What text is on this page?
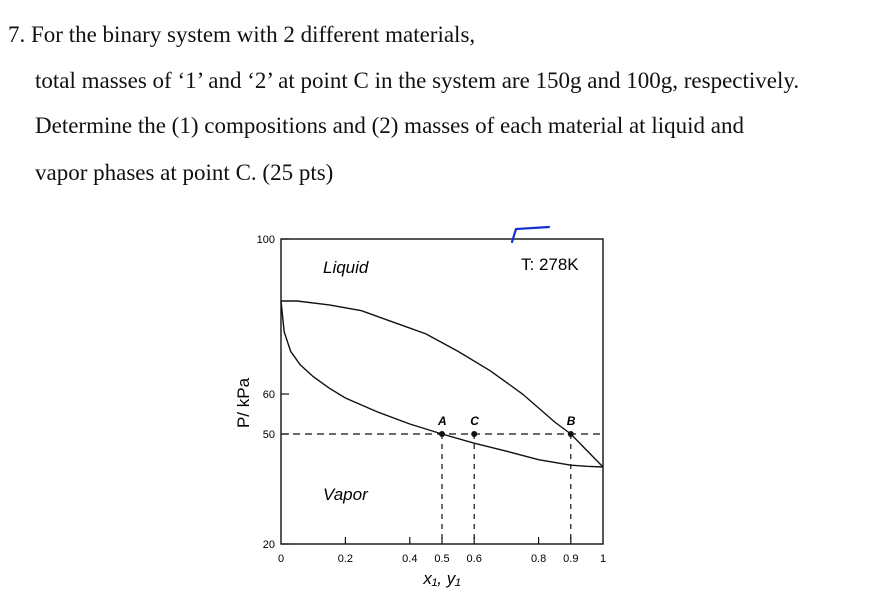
7. For the binary system with 2 different materials,
total masses of ‘1’ and ‘2’ at point C in the system are 150g and 100g, respectively.
Determine the (1) compositions and (2) masses of each material at liquid and
vapor phases at point C. (25 pts)
A C	B
0	0.2	0.4 0.5 0.6	0.8 0.9 1
100
60
50
20
Liquid
Vapor
T: 278K
x₁, y₁
P/ kPa
